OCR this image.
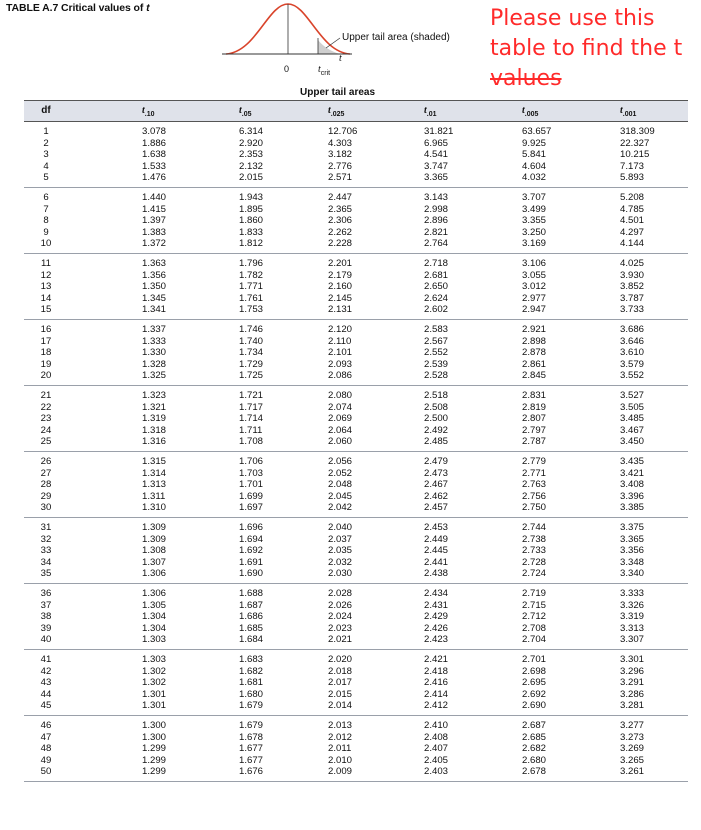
TABLE A.7 Critical values of t
Upper tail area (shaded)
t
0	$t_{crit}$
Please use this
table to find the t
values
Upper tail areas
df	$t_{.10}$	$t_{.05}$	$t_{.025}$	$t_{.01}$	$t_{.005}$	$t_{.001}$
1	3.078	6.314	12.706	31.821	63.657	318.309
2	1.886	2.920	4.303	6.965	9.925	22.327
3	1.638	2.353	3.182	4.541	5.841	10.215
4	1.533	2.132	2.776	3.747	4.604	7.173
5	1.476	2.015	2.571	3.365	4.032	5.893
6	1.440	1.943	2.447	3.143	3.707	5.208
7	1.415	1.895	2.365	2.998	3.499	4.785
8	1.397	1.860	2.306	2.896	3.355	4.501
9	1.383	1.833	2.262	2.821	3.250	4.297
10	1.372	1.812	2.228	2.764	3.169	4.144
11	1.363	1.796	2.201	2.718	3.106	4.025
12	1.356	1.782	2.179	2.681	3.055	3.930
13	1.350	1.771	2.160	2.650	3.012	3.852
14	1.345	1.761	2.145	2.624	2.977	3.787
15	1.341	1.753	2.131	2.602	2.947	3.733
16	1.337	1.746	2.120	2.583	2.921	3.686
17	1.333	1.740	2.110	2.567	2.898	3.646
18	1.330	1.734	2.101	2.552	2.878	3.610
19	1.328	1.729	2.093	2.539	2.861	3.579
20	1.325	1.725	2.086	2.528	2.845	3.552
21	1.323	1.721	2.080	2.518	2.831	3.527
22	1.321	1.717	2.074	2.508	2.819	3.505
23	1.319	1.714	2.069	2.500	2.807	3.485
24	1.318	1.711	2.064	2.492	2.797	3.467
25	1.316	1.708	2.060	2.485	2.787	3.450
26	1.315	1.706	2.056	2.479	2.779	3.435
27	1.314	1.703	2.052	2.473	2.771	3.421
28	1.313	1.701	2.048	2.467	2.763	3.408
29	1.311	1.699	2.045	2.462	2.756	3.396
30	1.310	1.697	2.042	2.457	2.750	3.385
31	1.309	1.696	2.040	2.453	2.744	3.375
32	1.309	1.694	2.037	2.449	2.738	3.365
33	1.308	1.692	2.035	2.445	2.733	3.356
34	1.307	1.691	2.032	2.441	2.728	3.348
35	1.306	1.690	2.030	2.438	2.724	3.340
36	1.306	1.688	2.028	2.434	2.719	3.333
37	1.305	1.687	2.026	2.431	2.715	3.326
38	1.304	1.686	2.024	2.429	2.712	3.319
39	1.304	1.685	2.023	2.426	2.708	3.313
40	1.303	1.684	2.021	2.423	2.704	3.307
41	1.303	1.683	2.020	2.421	2.701	3.301
42	1.302	1.682	2.018	2.418	2.698	3.296
43	1.302	1.681	2.017	2.416	2.695	3.291
44	1.301	1.680	2.015	2.414	2.692	3.286
45	1.301	1.679	2.014	2.412	2.690	3.281
46	1.300	1.679	2.013	2.410	2.687	3.277
47	1.300	1.678	2.012	2.408	2.685	3.273
48	1.299	1.677	2.011	2.407	2.682	3.269
49	1.299	1.677	2.010	2.405	2.680	3.265
50	1.299	1.676	2.009	2.403	2.678	3.261
